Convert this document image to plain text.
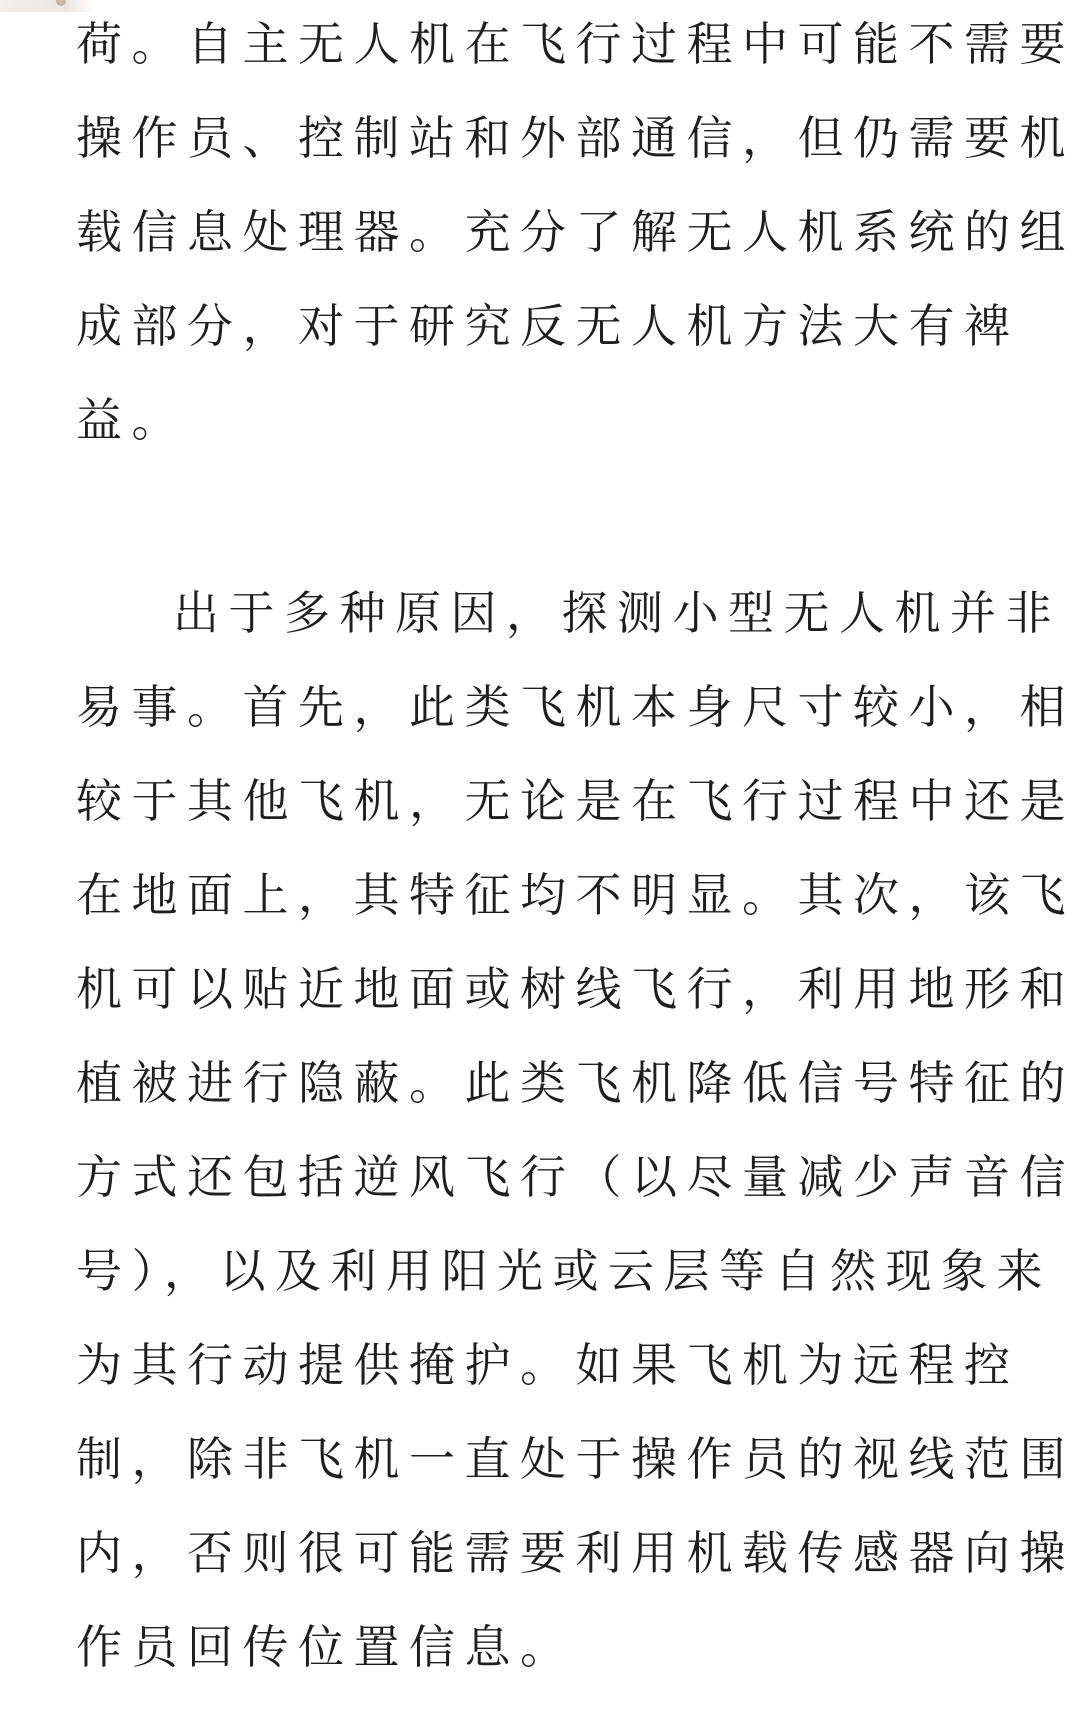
荷。自主无人机在飞行过程中可能不需要
操作员、控制站和外部通信，但仍需要机
载信息处理器。充分了解无人机系统的组
成部分，对于研究反无人机方法大有裨
益。
出于多种原因，探测小型无人机并非
易事。首先，此类飞机本身尺寸较小，相
较于其他飞机，无论是在飞行过程中还是
在地面上，其特征均不明显。其次，该飞
机可以贴近地面或树线飞行，利用地形和
植被进行隐蔽。此类飞机降低信号特征的
方式还包括逆风飞行（以尽量减少声音信
号），以及利用阳光或云层等自然现象来
为其行动提供掩护。如果飞机为远程控
制，除非飞机一直处于操作员的视线范围
内，否则很可能需要利用机载传感器向操
作员回传位置信息。
